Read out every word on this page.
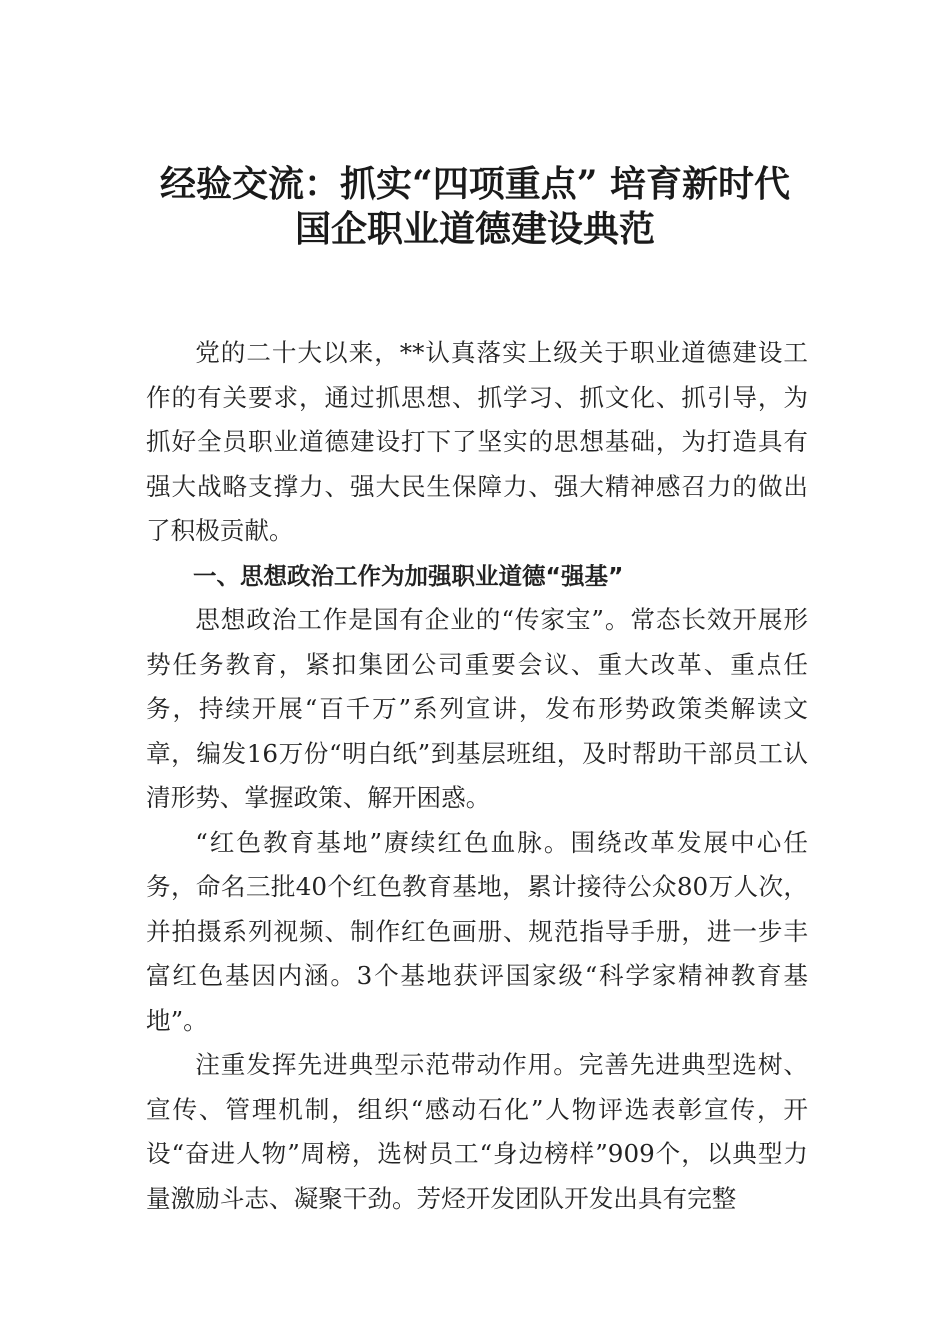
经验交流：抓实“四项重点” 培育新时代
国企职业道德建设典范

党的二十大以来，**认真落实上级关于职业道德建设工作的有关要求，通过抓思想、抓学习、抓文化、抓引导，为抓好全员职业道德建设打下了坚实的思想基础，为打造具有强大战略支撑力、强大民生保障力、强大精神感召力的做出了积极贡献。

一、思想政治工作为加强职业道德“强基”

思想政治工作是国有企业的“传家宝”。常态长效开展形势任务教育，紧扣集团公司重要会议、重大改革、重点任务，持续开展“百千万”系列宣讲，发布形势政策类解读文章，编发16万份“明白纸”到基层班组，及时帮助干部员工认清形势、掌握政策、解开困惑。

“红色教育基地”赓续红色血脉。围绕改革发展中心任务，命名三批40个红色教育基地，累计接待公众80万人次，并拍摄系列视频、制作红色画册、规范指导手册，进一步丰富红色基因内涵。3个基地获评国家级“科学家精神教育基地”。

注重发挥先进典型示范带动作用。完善先进典型选树、宣传、管理机制，组织“感动石化”人物评选表彰宣传，开设“奋进人物”周榜，选树员工“身边榜样”909个，以典型力量激励斗志、凝聚干劲。芳烃开发团队开发出具有完整
